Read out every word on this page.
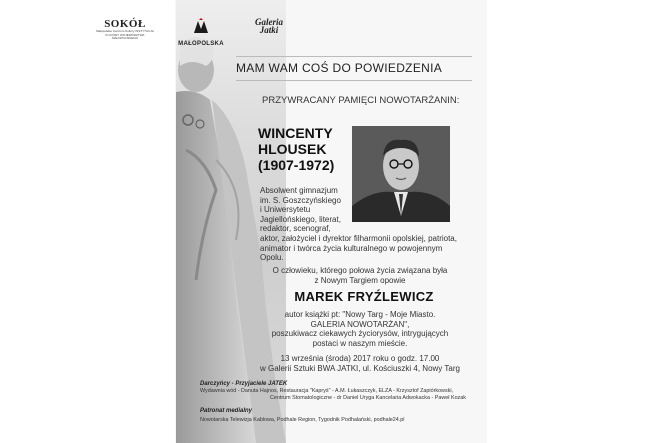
SOKÓŁ
Małopolskie Centrum Kultury INSTYTUCJA KULTURY WOJEWÓDZTWA MAŁOPOLSKIEGO
MAŁOPOLSKA
Galeria Jatki
MAM WAM COŚ DO POWIEDZENIA
PRZYWRACANY PAMIĘCI NOWOTARŻANIN:
WINCENTY
HLOUSEK
(1907-1972)
Absolwent gimnazjum
im. S. Goszczyńskiego
i Uniwersytetu
Jagiellońskiego, literat,
redaktor, scenograf,
aktor, założyciel i dyrektor filharmonii opolskiej, patriota,
animator i twórca życia kulturalnego w powojennym
Opolu.
O człowieku, którego połowa życia związana była
z Nowym Targiem opowie
MAREK FRYŹLEWICZ
autor książki pt: "Nowy Targ - Moje Miasto.
GALERIA NOWOTARŻAN",
poszukiwacz ciekawych życiorysów, intrygujących
postaci w naszym mieście.
13 września (środa) 2017 roku o godz. 17.00
w Galerii Sztuki BWA JATKI, ul. Kościuszki 4, Nowy Targ
Darczyńcy - Przyjaciele JATEK
Wydawnia wód - Danuta Hajnos, Restauracja "Kapryś" - A.M. Łukaszczyk, ELZA - Krzysztof Zapiórkowski,
Centrum Stomatologiczne - dr Daniel Uryga Kancelaria Adwokacka - Paweł Kozak
Patronat medialny
Nowotarska Telewizja Kablowa, Podhale Region, Tygodnik Podhalański, podhale24.pl
